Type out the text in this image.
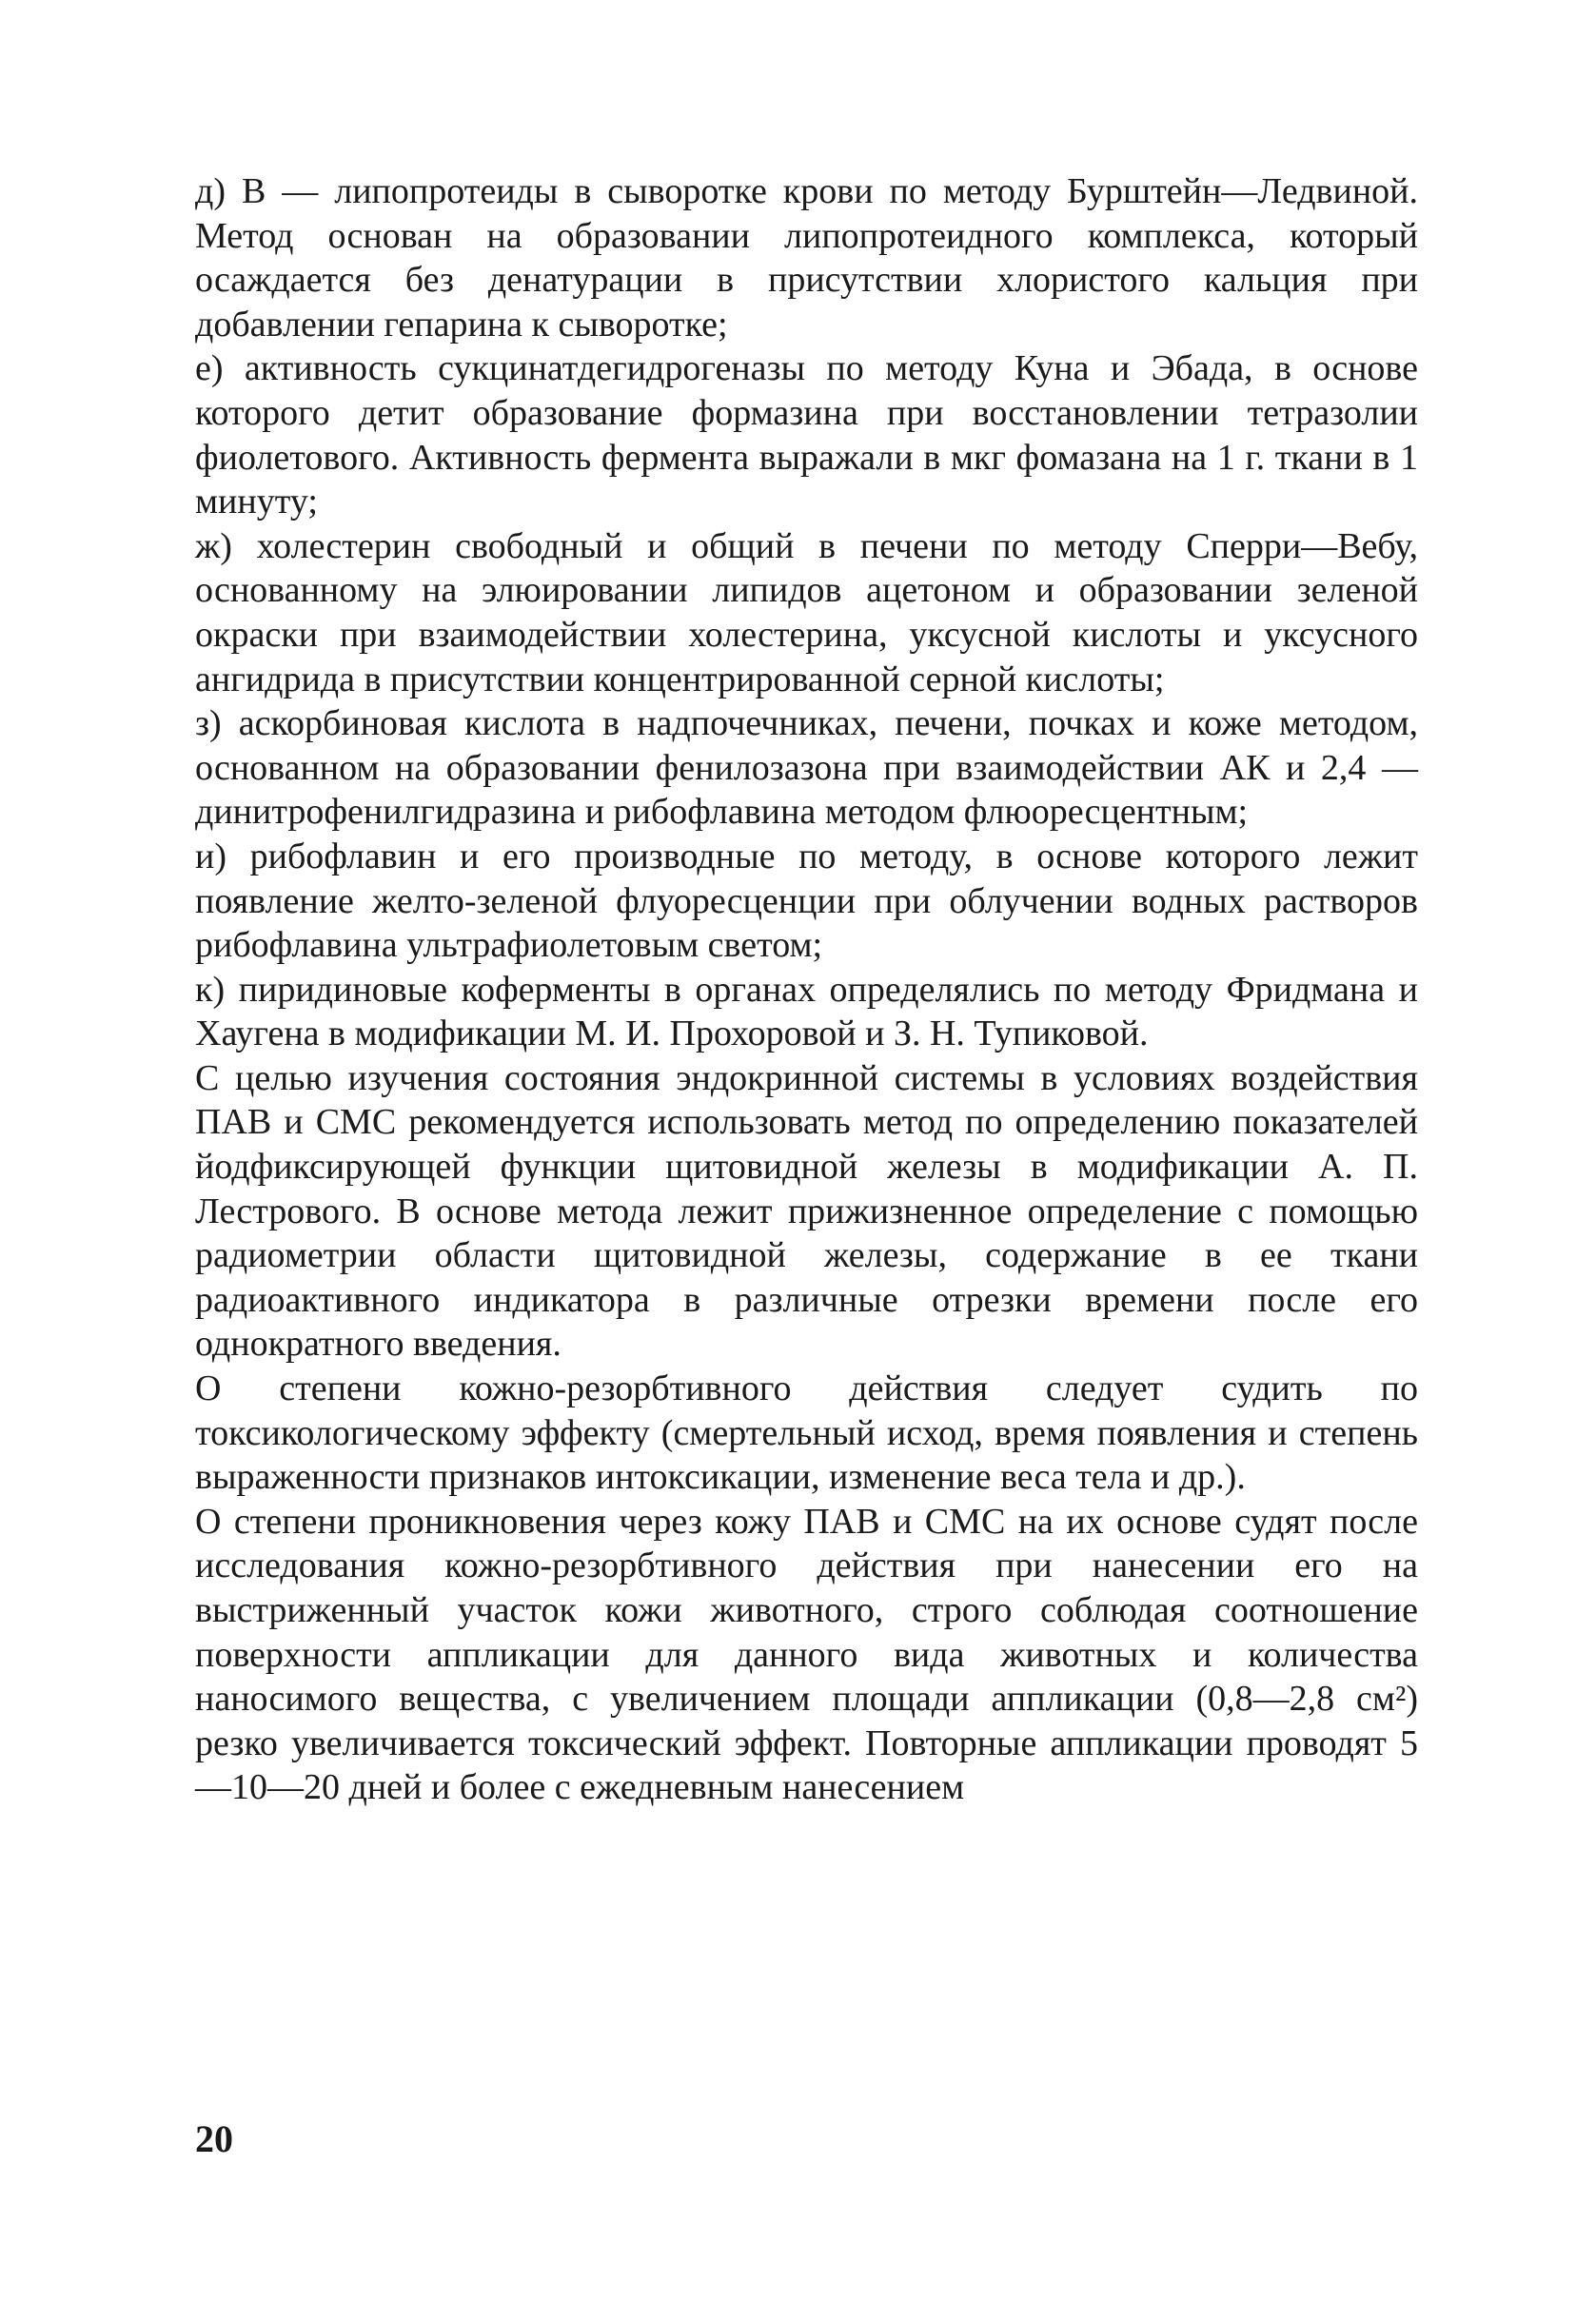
д) В — липопротеиды в сыворотке крови по методу Бурштейн—Ледвиной. Метод основан на образовании липопротеидного комплекса, который осаждается без денатурации в присутствии хлористого кальция при добавлении гепарина к сыворотке;

е) активность сукцинатдегидрогеназы по методу Куна и Эбада, в основе которого детит образование формазина при восстановлении тетразолии фиолетового. Активность фермента выражали в мкг фомазана на 1 г. ткани в 1 минуту;

ж) холестерин свободный и общий в печени по методу Сперри—Вебу, основанному на элюировании липидов ацетоном и образовании зеленой окраски при взаимодействии холестерина, уксусной кислоты и уксусного ангидрида в присутствии концентрированной серной кислоты;

з) аскорбиновая кислота в надпочечниках, печени, почках и коже методом, основанном на образовании фенилозазона при взаимодействии АК и 2,4 — динитрофенилгидразина и рибофлавина методом флюоресцентным;

и) рибофлавин и его производные по методу, в основе которого лежит появление желто-зеленой флуоресценции при облучении водных растворов рибофлавина ультрафиолетовым светом;

к) пиридиновые коферменты в органах определялись по методу Фридмана и Хаугена в модификации М. И. Прохоровой и З. Н. Тупиковой.

С целью изучения состояния эндокринной системы в условиях воздействия ПАВ и СМС рекомендуется использовать метод по определению показателей йодфиксирующей функции щитовидной железы в модификации А. П. Лестрового. В основе метода лежит прижизненное определение с помощью радиометрии области щитовидной железы, содержание в ее ткани радиоактивного индикатора в различные отрезки времени после его однократного введения.

О степени кожно-резорбтивного действия следует судить по токсикологическому эффекту (смертельный исход, время появления и степень выраженности признаков интоксикации, изменение веса тела и др.).

О степени проникновения через кожу ПАВ и СМС на их основе судят после исследования кожно-резорбтивного действия при нанесении его на выстриженный участок кожи животного, строго соблюдая соотношение поверхности аппликации для данного вида животных и количества наносимого вещества, с увеличением площади аппликации (0,8—2,8 см²) резко увеличивается токсический эффект. Повторные аппликации проводят 5—10—20 дней и более с ежедневным нанесением

20
